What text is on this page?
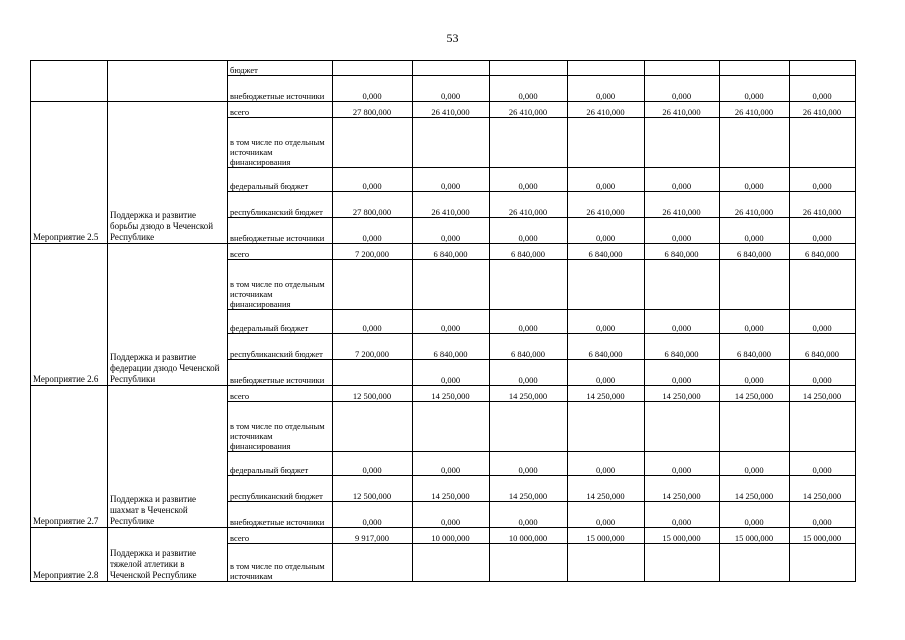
53
		бюджет							
		внебюджетные источники	0,000	0,000	0,000	0,000	0,000	0,000	0,000
Мероприятие 2.5	Поддержка и развитие борьбы дзюдо в Чеченской Республике	всего	27 800,000	26 410,000	26 410,000	26 410,000	26 410,000	26 410,000	26 410,000
		в том числе по отдельным источникам финансирования							
		федеральный бюджет	0,000	0,000	0,000	0,000	0,000	0,000	0,000
		республиканский бюджет	27 800,000	26 410,000	26 410,000	26 410,000	26 410,000	26 410,000	26 410,000
		внебюджетные источники	0,000	0,000	0,000	0,000	0,000	0,000	0,000
Мероприятие 2.6	Поддержка и развитие федерации дзюдо Чеченской Республики	всего	7 200,000	6 840,000	6 840,000	6 840,000	6 840,000	6 840,000	6 840,000
		в том числе по отдельным источникам финансирования							
		федеральный бюджет	0,000	0,000	0,000	0,000	0,000	0,000	0,000
		республиканский бюджет	7 200,000	6 840,000	6 840,000	6 840,000	6 840,000	6 840,000	6 840,000
		внебюджетные источники		0,000	0,000	0,000	0,000	0,000	0,000
Мероприятие 2.7	Поддержка и развитие шахмат в Чеченской Республике	всего	12 500,000	14 250,000	14 250,000	14 250,000	14 250,000	14 250,000	14 250,000
		в том числе по отдельным источникам финансирования							
		федеральный бюджет	0,000	0,000	0,000	0,000	0,000	0,000	0,000
		республиканский бюджет	12 500,000	14 250,000	14 250,000	14 250,000	14 250,000	14 250,000	14 250,000
		внебюджетные источники	0,000	0,000	0,000	0,000	0,000	0,000	0,000
Мероприятие 2.8	Поддержка и развитие тяжелой атлетики в Чеченской Республике	всего	9 917,000	10 000,000	10 000,000	15 000,000	15 000,000	15 000,000	15 000,000
		в том числе по отдельным источникам							
